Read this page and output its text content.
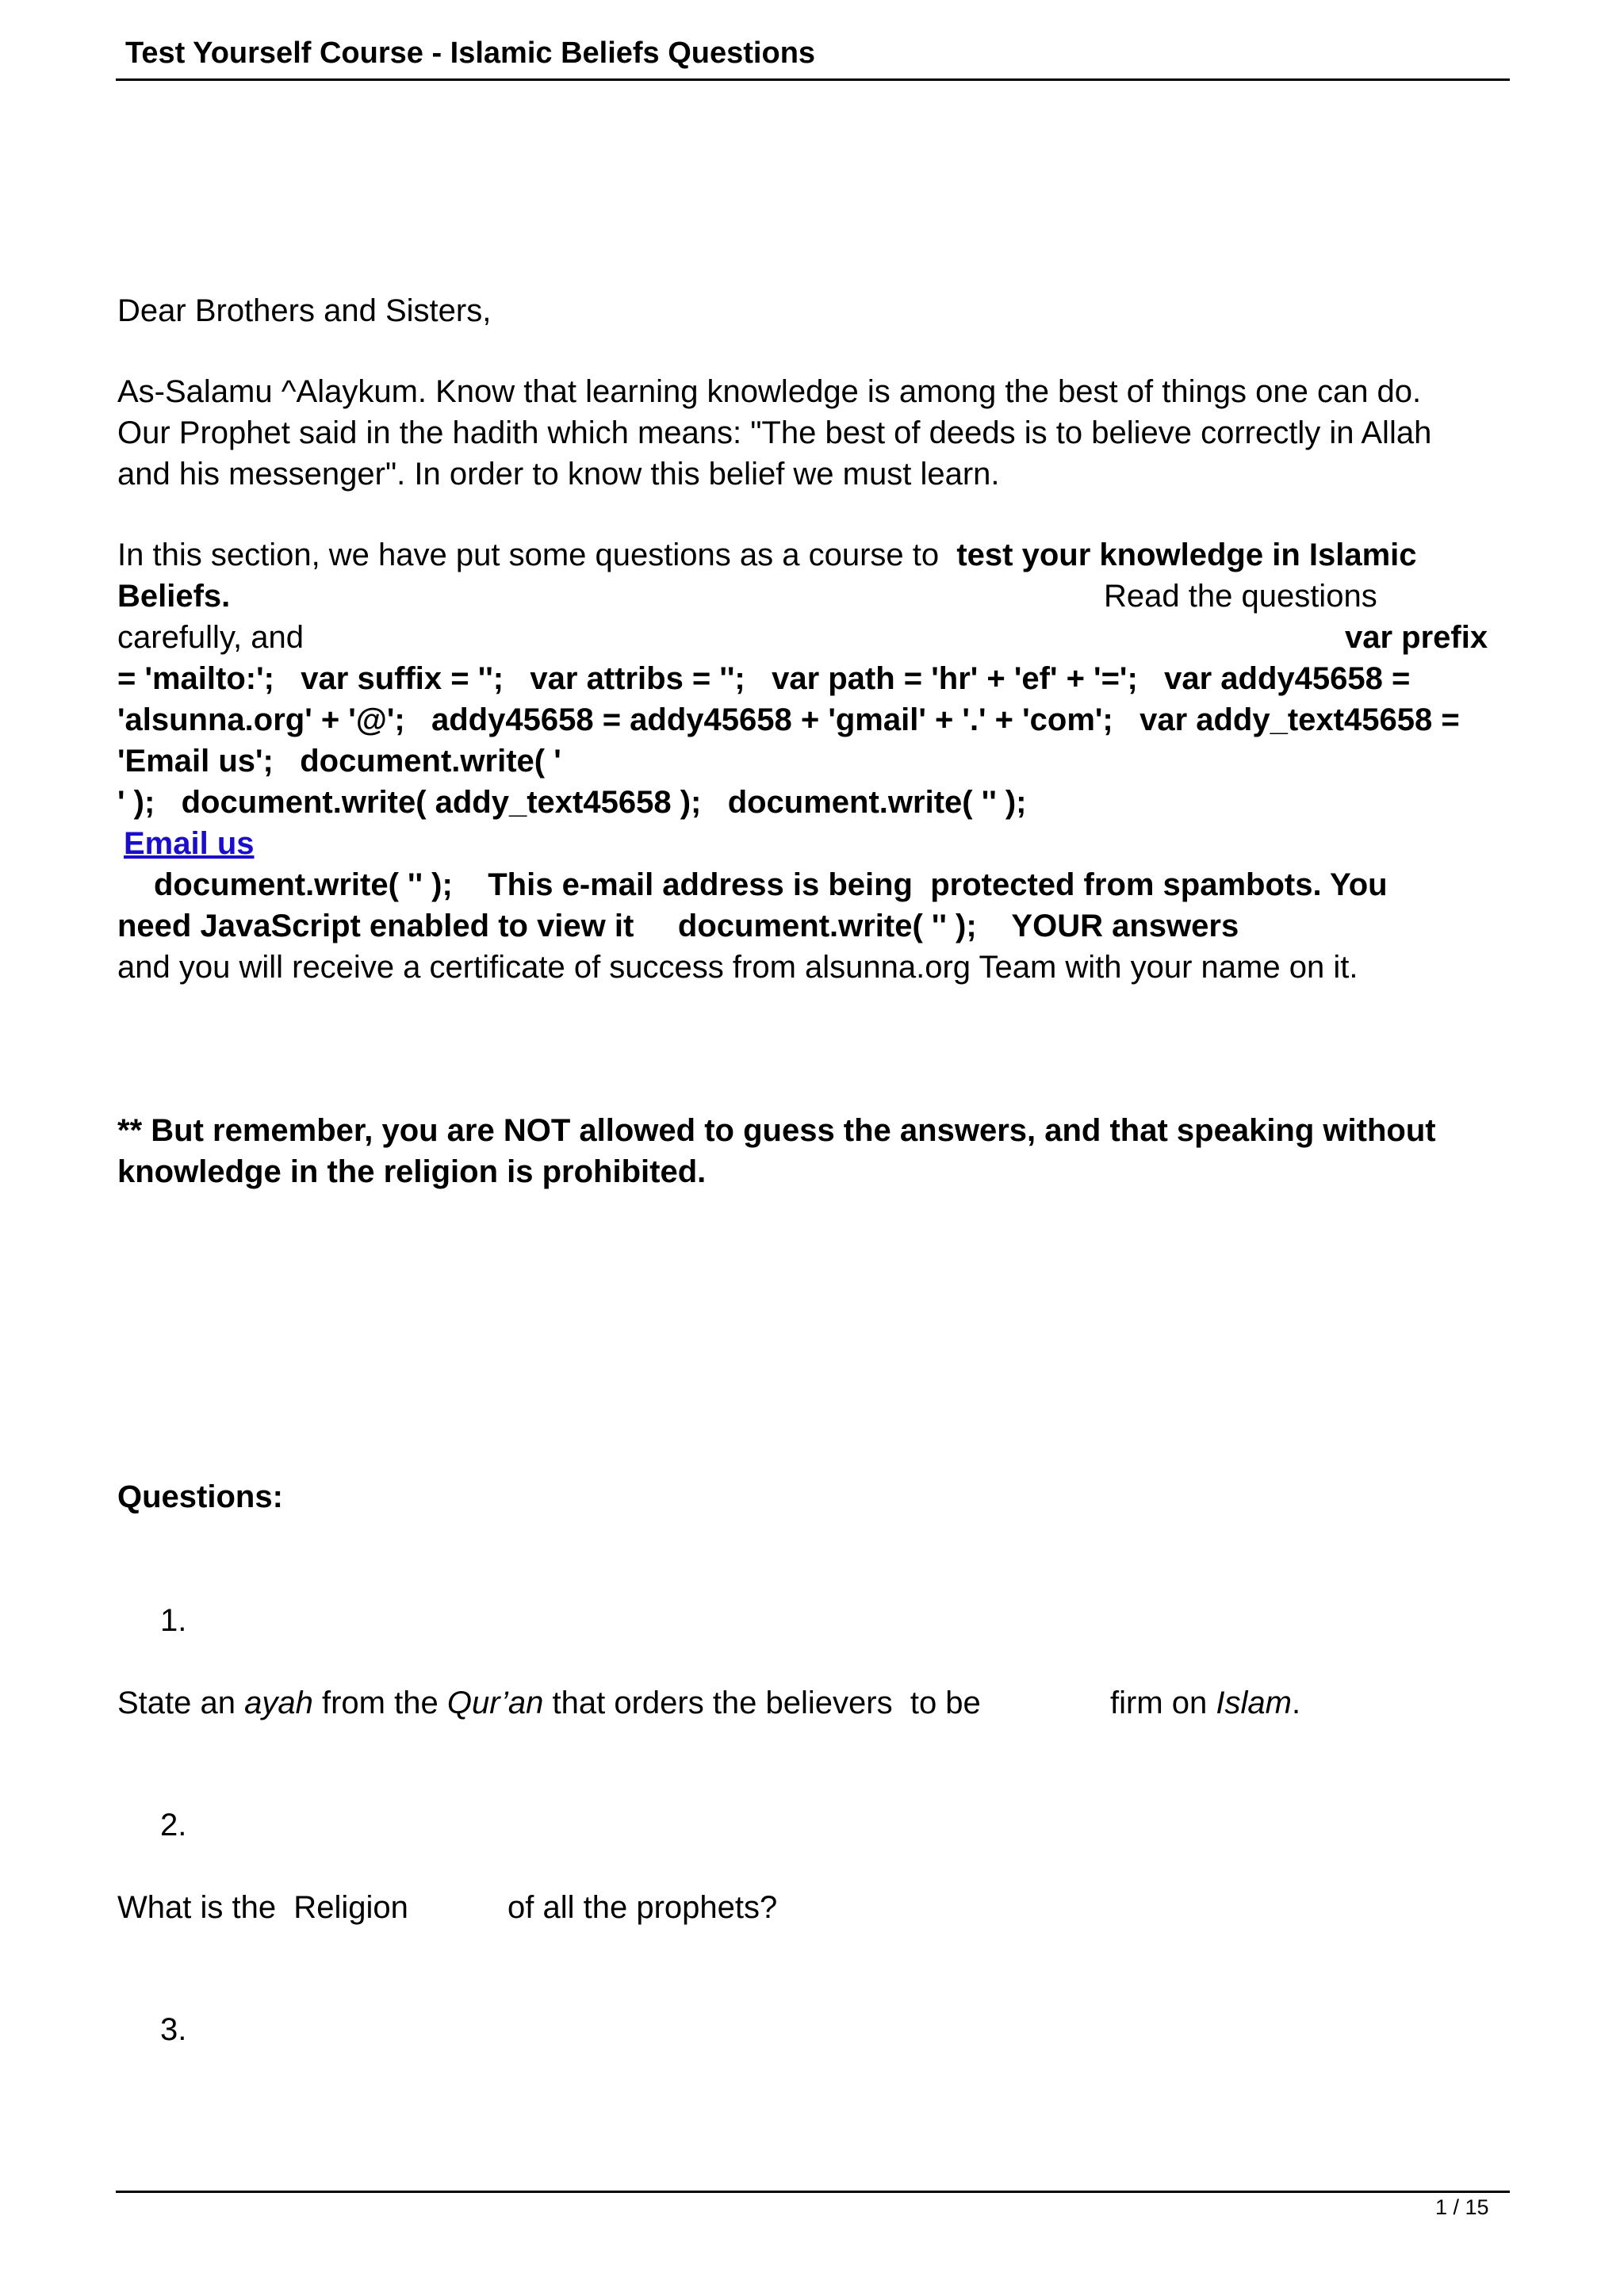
Test Yourself Course - Islamic Beliefs Questions
Dear Brothers and Sisters,
As-Salamu ^Alaykum. Know that learning knowledge is among the best of things one can do.
Our Prophet said in the hadith which means: "The best of deeds is to believe correctly in Allah
and his messenger". In order to know this belief we must learn.
In this section, we have put some questions as a course to  test your knowledge in Islamic
Beliefs.	Read the questions
carefully, and	var prefix
= 'mailto:';   var suffix = '';   var attribs = '';   var path = 'hr' + 'ef' + '=';   var addy45658 =
'alsunna.org' + '@';   addy45658 = addy45658 + 'gmail' + '.' + 'com';   var addy_text45658 =
'Email us';   document.write( '
' );   document.write( addy_text45658 );   document.write( '' );
Email us
document.write( '' );    This e-mail address is being  protected from spambots. You
need JavaScript enabled to view it     document.write( '' );    YOUR answers
and you will receive a certificate of success from alsunna.org Team with your name on it.
** But remember, you are NOT allowed to guess the answers, and that speaking without
knowledge in the religion is prohibited.
Questions:
1.
State an ayah from the Qur’an that orders the believers  to be	firm on Islam.
2.
What is the  Religion	of all the prophets?
3.
1 / 15
